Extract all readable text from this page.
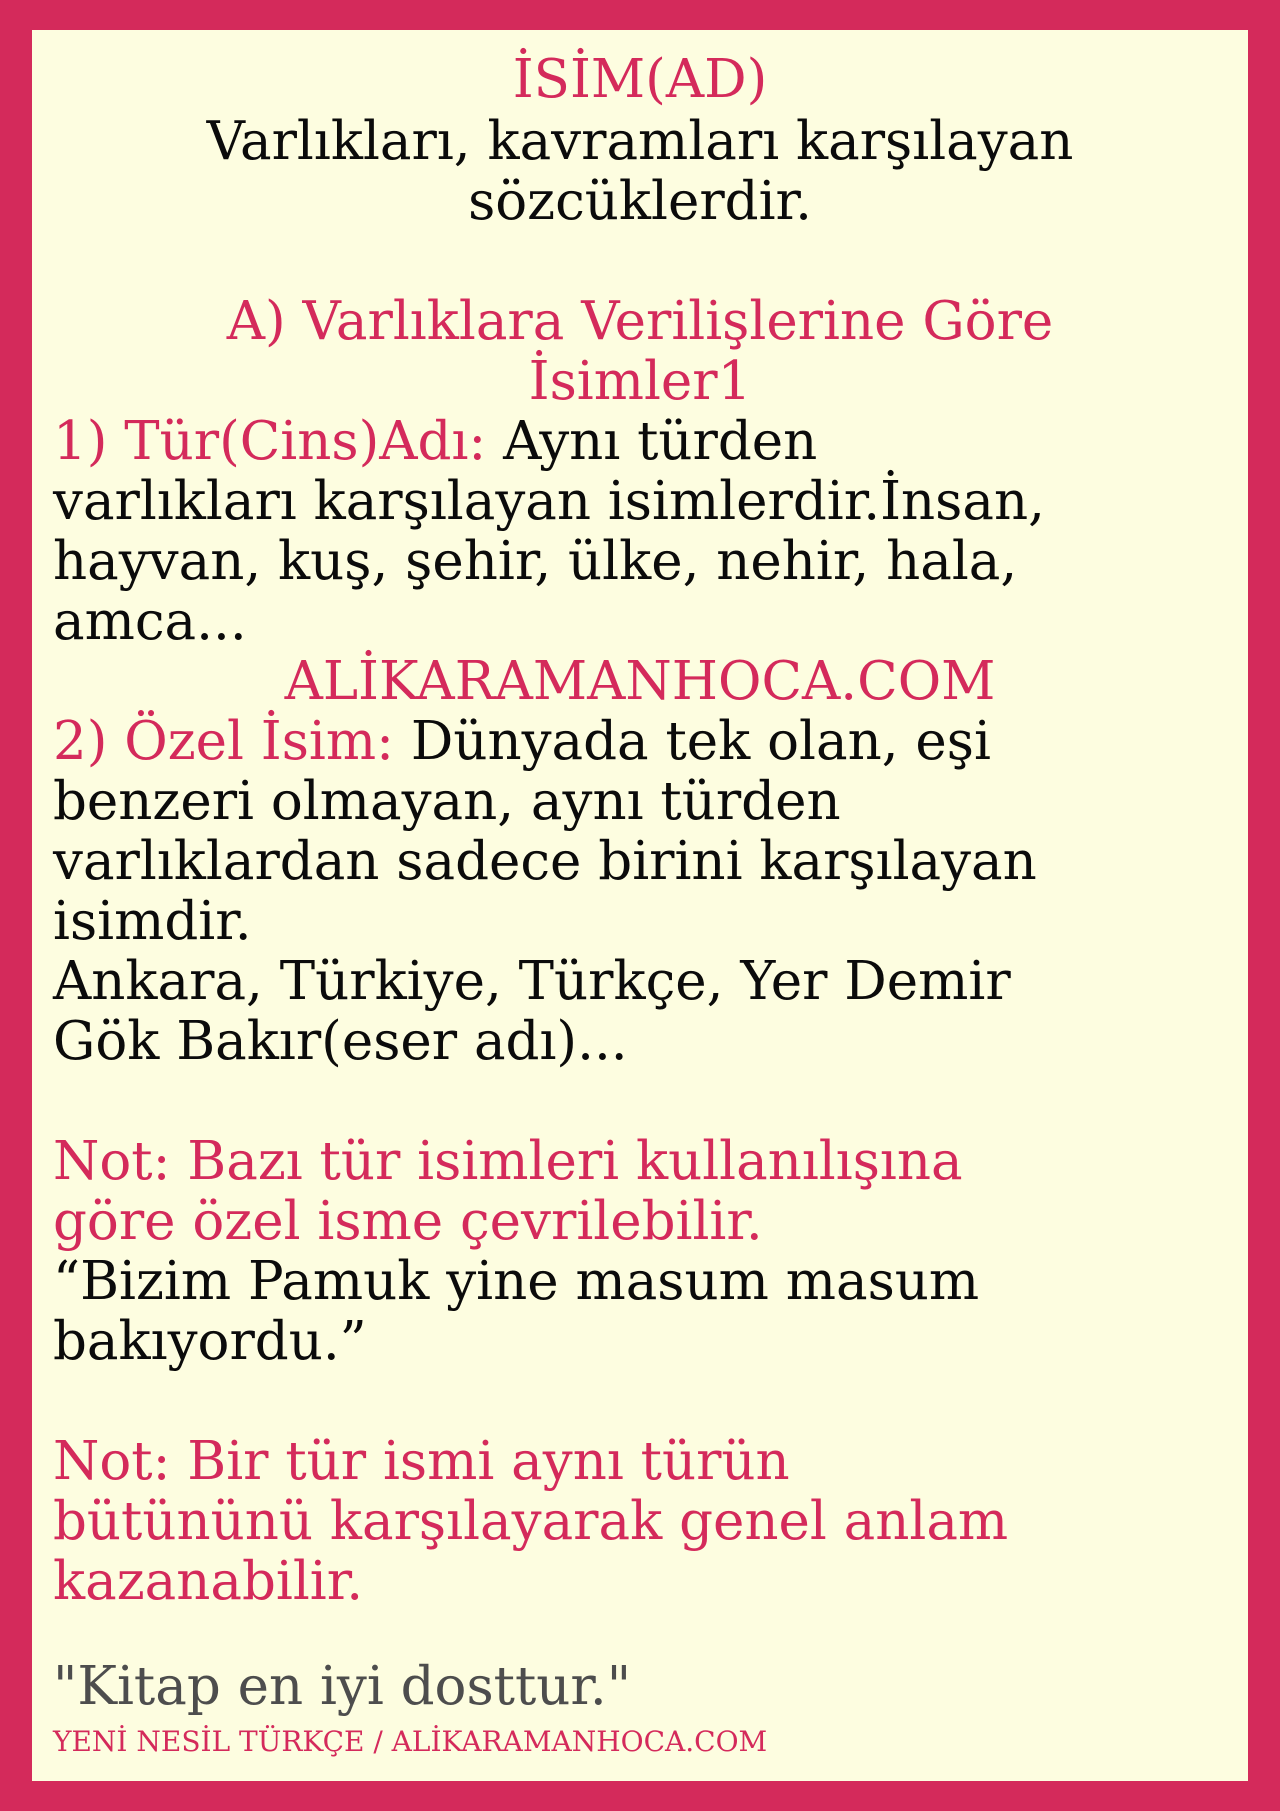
İSİM(AD)
Varlıkları, kavramları karşılayan
sözcüklerdir.
A) Varlıklara Verilişlerine Göre
İsimler1
1) Tür(Cins)Adı: Aynı türden
varlıkları karşılayan isimlerdir.İnsan,
hayvan, kuş, şehir, ülke, nehir, hala,
amca...
ALİKARAMANHOCA.COM
2) Özel İsim: Dünyada tek olan, eşi
benzeri olmayan, aynı türden
varlıklardan sadece birini karşılayan
isimdir.
Ankara, Türkiye, Türkçe, Yer Demir
Gök Bakır(eser adı)...
Not: Bazı tür isimleri kullanılışına
göre özel isme çevrilebilir.
“Bizim Pamuk yine masum masum
bakıyordu.”
Not: Bir tür ismi aynı türün
bütününü karşılayarak genel anlam
kazanabilir.
"Kitap en iyi dosttur."
YENİ NESİL TÜRKÇE / ALİKARAMANHOCA.COM
